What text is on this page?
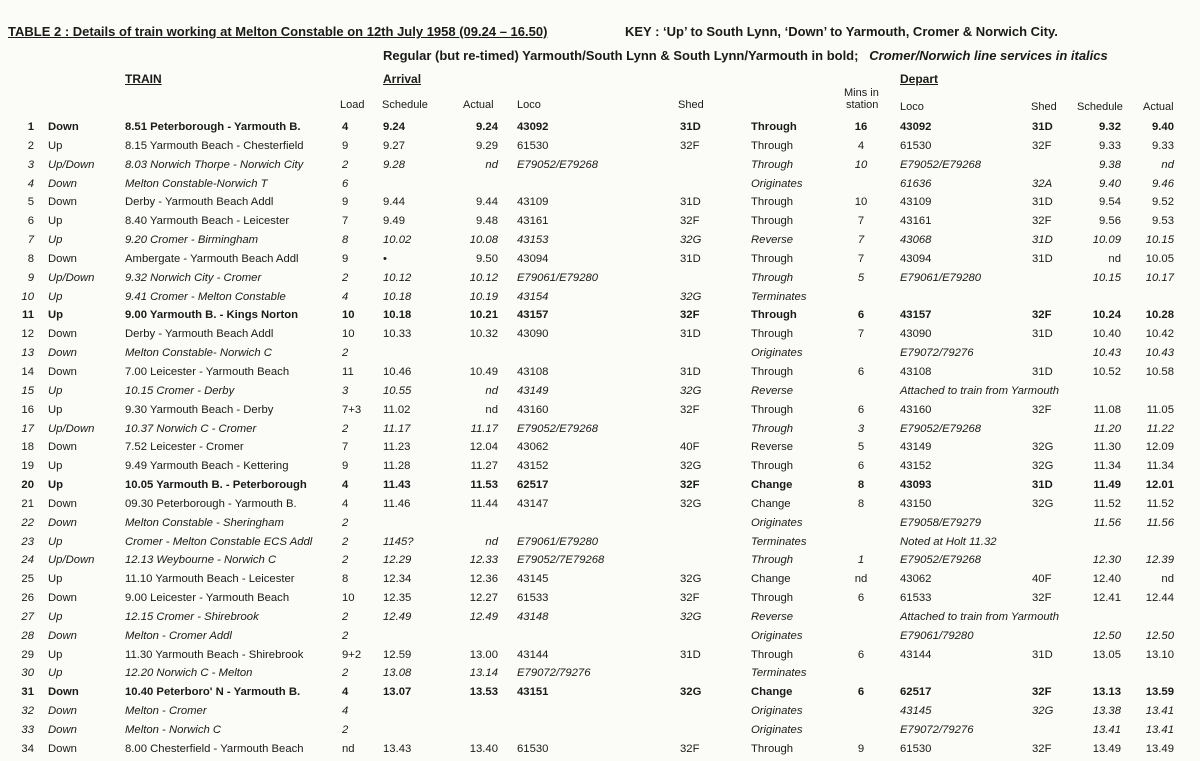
TABLE 2 : Details of train working at Melton Constable on 12th July 1958 (09.24 – 16.50)	KEY : ‘Up’ to South Lynn, ‘Down’ to Yarmouth, Cromer & Norwich City.
Regular (but re-timed) Yarmouth/South Lynn & South Lynn/Yarmouth in bold; Cromer/Norwich line services in italics
TRAIN	Arrival	Depart
Load Schedule	Actual Loco	Shed
Mins in
station Loco	Shed Schedule Actual
1 Down	8.51 Peterborough - Yarmouth B.	4	9.24	9.24 43092	31D	Through	16	43092	31D	9.32	9.40
2 Up	8.15 Yarmouth Beach - Chesterfield	9	9.27	9.29 61530	32F	Through	4	61530	32F	9.33	9.33
3 Up/Down	8.03 Norwich Thorpe - Norwich City	2	9.28	nd E79052/E79268	Through	10	E79052/E79268	9.38	nd
4 Down	Melton Constable-Norwich T	6	Originates	61636	32A	9.40	9.46
5 Down	Derby - Yarmouth Beach Addl	9	9.44	9.44 43109	31D	Through	10	43109	31D	9.54	9.52
6 Up	8.40 Yarmouth Beach - Leicester	7	9.49	9.48 43161	32F	Through	7	43161	32F	9.56	9.53
7 Up	9.20 Cromer - Birmingham	8	10.02	10.08 43153	32G	Reverse	7	43068	31D	10.09	10.15
8 Down	Ambergate - Yarmouth Beach Addl	9	•	9.50 43094	31D	Through	7	43094	31D	nd	10.05
9 Up/Down	9.32 Norwich City - Cromer	2	10.12	10.12 E79061/E79280	Through	5	E79061/E79280	10.15	10.17
10 Up	9.41 Cromer - Melton Constable	4	10.18	10.19 43154	32G	Terminates
11 Up	9.00 Yarmouth B. - Kings Norton	10	10.18	10.21 43157	32F	Through	6	43157	32F	10.24	10.28
12 Down	Derby - Yarmouth Beach Addl	10	10.33	10.32 43090	31D	Through	7	43090	31D	10.40	10.42
13 Down	Melton Constable- Norwich C	2	Originates	E79072/79276	10.43	10.43
14 Down	7.00 Leicester - Yarmouth Beach	11	10.46	10.49 43108	31D	Through	6	43108	31D	10.52	10.58
15 Up	10.15 Cromer - Derby	3	10.55	nd 43149	32G	Reverse	Attached to train from Yarmouth
16 Up	9.30 Yarmouth Beach - Derby	7+3	11.02	nd 43160	32F	Through	6	43160	32F	11.08	11.05
17 Up/Down	10.37 Norwich C - Cromer	2	11.17	11.17 E79052/E79268	Through	3	E79052/E79268	11.20	11.22
18 Down	7.52 Leicester - Cromer	7	11.23	12.04 43062	40F	Reverse	5	43149	32G	11.30	12.09
19 Up	9.49 Yarmouth Beach - Kettering	9	11.28	11.27 43152	32G	Through	6	43152	32G	11.34	11.34
20 Up	10.05 Yarmouth B. - Peterborough	4	11.43	11.53 62517	32F	Change	8	43093	31D	11.49	12.01
21 Down	09.30 Peterborough - Yarmouth B.	4	11.46	11.44 43147	32G	Change	8	43150	32G	11.52	11.52
22 Down	Melton Constable - Sheringham	2	Originates	E79058/E79279	11.56	11.56
23 Up	Cromer - Melton Constable ECS Addl	2	1145?	nd E79061/E79280	Terminates	Noted at Holt 11.32
24 Up/Down	12.13 Weybourne - Norwich C	2	12.29	12.33 E79052/7E79268	Through	1	E79052/E79268	12.30	12.39
25 Up	11.10 Yarmouth Beach - Leicester	8	12.34	12.36 43145	32G	Change	nd	43062	40F	12.40	nd
26 Down	9.00 Leicester - Yarmouth Beach	10	12.35	12.27 61533	32F	Through	6	61533	32F	12.41	12.44
27 Up	12.15 Cromer - Shirebrook	2	12.49	12.49 43148	32G	Reverse	Attached to train from Yarmouth
28 Down	Melton - Cromer Addl	2	Originates	E79061/79280	12.50	12.50
29 Up	11.30 Yarmouth Beach - Shirebrook	9+2	12.59	13.00 43144	31D	Through	6	43144	31D	13.05	13.10
30 Up	12.20 Norwich C - Melton	2	13.08	13.14 E79072/79276	Terminates
31 Down	10.40 Peterboro' N - Yarmouth B.	4	13.07	13.53 43151	32G	Change	6	62517	32F	13.13	13.59
32 Down	Melton - Cromer	4	Originates	43145	32G	13.38	13.41
33 Down	Melton - Norwich C	2	Originates	E79072/79276	13.41	13.41
34 Down	8.00 Chesterfield - Yarmouth Beach	nd	13.43	13.40 61530	32F	Through	9	61530	32F	13.49	13.49
